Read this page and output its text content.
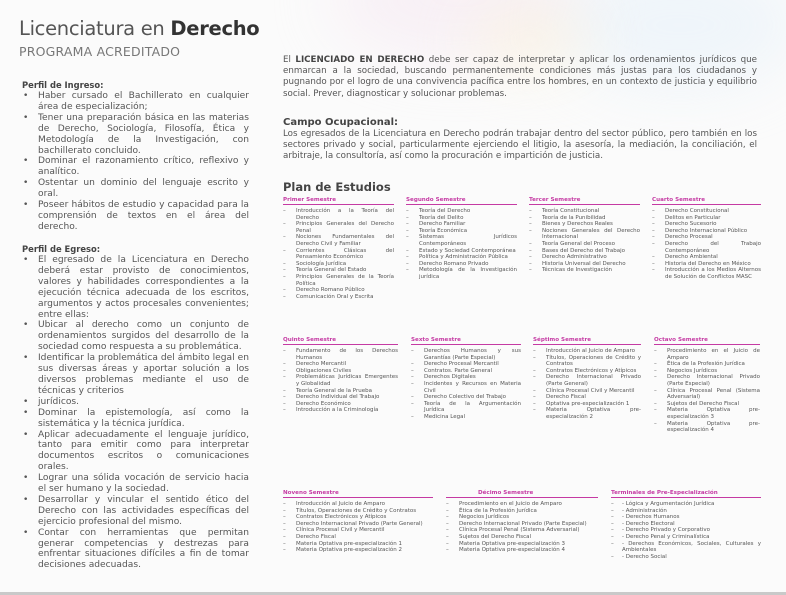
Licenciatura en Derecho
PROGRAMA ACREDITADO
Perfil de Ingreso:
• Haber cursado el Bachillerato en cualquier área de especialización;
• Tener una preparación básica en las materias de Derecho, Sociología, Filosofía, Ética y Metodología de la Investigación, con bachillerato concluido.
• Dominar el razonamiento crítico, reflexivo y analítico.
• Ostentar un dominio del lenguaje escrito y oral.
• Poseer hábitos de estudio y capacidad para la comprensión de textos en el área del derecho.
Perfil de Egreso:
• El egresado de la Licenciatura en Derecho deberá estar provisto de conocimientos, valores y habilidades correspondientes a la ejecución técnica adecuada de los escritos, argumentos y actos procesales convenientes; entre ellas:
• Ubicar al derecho como un conjunto de ordenamientos surgidos del desarrollo de la sociedad como respuesta a su problemática.
• Identificar la problemática del ámbito legal en sus diversas áreas y aportar solución a los diversos problemas mediante el uso de técnicas y criterios
• jurídicos.
• Dominar la epistemología, así como la sistemática y la técnica jurídica.
• Aplicar adecuadamente el lenguaje jurídico, tanto para emitir como para interpretar documentos escritos o comunicaciones orales.
• Lograr una sólida vocación de servicio hacia el ser humano y la sociedad.
• Desarrollar y vincular el sentido ético del Derecho con las actividades específicas del ejercicio profesional del mismo.
• Contar con herramientas que permitan generar competencias y destrezas para enfrentar situaciones difíciles a fin de tomar decisiones adecuadas.
El LICENCIADO EN DERECHO debe ser capaz de interpretar y aplicar los ordenamientos jurídicos que enmarcan a la sociedad, buscando permanentemente condiciones más justas para los ciudadanos y pugnando por el logro de una convivencia pacífica entre los hombres, en un contexto de justicia y equilibrio social. Prever, diagnosticar y solucionar problemas.
Campo Ocupacional:
Los egresados de la Licenciatura en Derecho podrán trabajar dentro del sector público, pero también en los sectores privado y social, particularmente ejerciendo el litigio, la asesoría, la mediación, la conciliación, el arbitraje, la consultoría, así como la procuración e impartición de justicia.
Plan de Estudios
Primer Semestre
– Introducción a la Teoría del Derecho
– Principios Generales del Derecho Penal
– Nociones Fundamentales del Derecho Civil y Familiar
– Corrientes Clásicas del Pensamiento Económico
– Sociología Jurídica
– Teoría General del Estado
– Principios Generales de la Teoría Política
– Derecho Romano Público
– Comunicación Oral y Escrita
Segundo Semestre
– Teoría del Derecho
– Teoría del Delito
– Derecho Familiar
– Teoría Económica
– Sistemas Jurídicos Contemporáneos
– Estado y Sociedad Contemporánea
– Política y Administración Pública
– Derecho Romano Privado
– Metodología de la Investigación jurídica
Tercer Semestre
– Teoría Constitucional
– Teoría de la Punibilidad
– Bienes y Derechos Reales
– Nociones Generales del Derecho Internacional
– Teoría General del Proceso
– Bases del Derecho del Trabajo
– Derecho Administrativo
– Historia Universal del Derecho
– Técnicas de Investigación
Cuarto Semestre
– Derecho Constitucional
– Delitos en Particular
– Derecho Sucesorio
– Derecho Internacional Público
– Derecho Procesal
– Derecho del Trabajo Contemporáneo
– Derecho Ambiental
– Historia del Derecho en México
– Introducción a los Medios Alternos de Solución de Conflictos MASC
Quinto Semestre
– Fundamento de los Derechos Humanos
– Derecho Mercantil
– Obligaciones Civiles
– Problemáticas Jurídicas Emergentes y Globalidad
– Teoría General de la Prueba
– Derecho Individual del Trabajo
– Derecho Económico
– Introducción a la Criminología
Sexto Semestre
– Derechos Humanos y sus Garantías (Parte Especial)
– Derecho Procesal Mercantil
– Contratos. Parte General
– Derechos Digitales
– Incidentes y Recursos en Materia Civil
– Derecho Colectivo del Trabajo
– Teoría de la Argumentación Jurídica
– Medicina Legal
Séptimo Semestre
– Introducción al Juicio de Amparo
– Títulos, Operaciones de Crédito y Contratos
– Contratos Electrónicos y Atípicos
– Derecho Internacional Privado (Parte General)
– Clínica Procesal Civil y Mercantil
– Derecho Fiscal
– Optativa pre-especialización 1
– Materia Optativa pre-especialización 2
Octavo Semestre
– Procedimiento en el Juicio de Amparo
– Ética de la Profesión Jurídica
– Negocios Jurídicos
– Derecho Internacional Privado (Parte Especial)
– Clínica Procesal Penal (Sistema Adversarial)
– Sujetos del Derecho Fiscal
– Materia Optativa pre-especialización 3
– Materia Optativa pre-especialización 4
Noveno Semestre
– Introducción al Juicio de Amparo
– Títulos, Operaciones de Crédito y Contratos
– Contratos Electrónicos y Atípicos
– Derecho Internacional Privado (Parte General)
– Clínica Procesal Civil y Mercantil
– Derecho Fiscal
– Materia Optativa pre-especialización 1
– Materia Optativa pre-especialización 2
Décimo Semestre
– Procedimiento en el Juicio de Amparo
– Ética de la Profesión Jurídica
– Negocios Jurídicos
– Derecho Internacional Privado (Parte Especial)
– Clínica Procesal Penal (Sistema Adversarial)
– Sujetos del Derecho Fiscal
– Materia Optativa pre-especialización 3
– Materia Optativa pre-especialización 4
Terminales de Pre-Especialización
– - Lógica y Argumentación Jurídica
– - Administración
– - Derechos Humanos
– - Derecho Electoral
– - Derecho Privado y Corporativo
– - Derecho Penal y Criminalística
– - Derechos Económicos, Sociales, Culturales y Ambientales
– - Derecho Social
